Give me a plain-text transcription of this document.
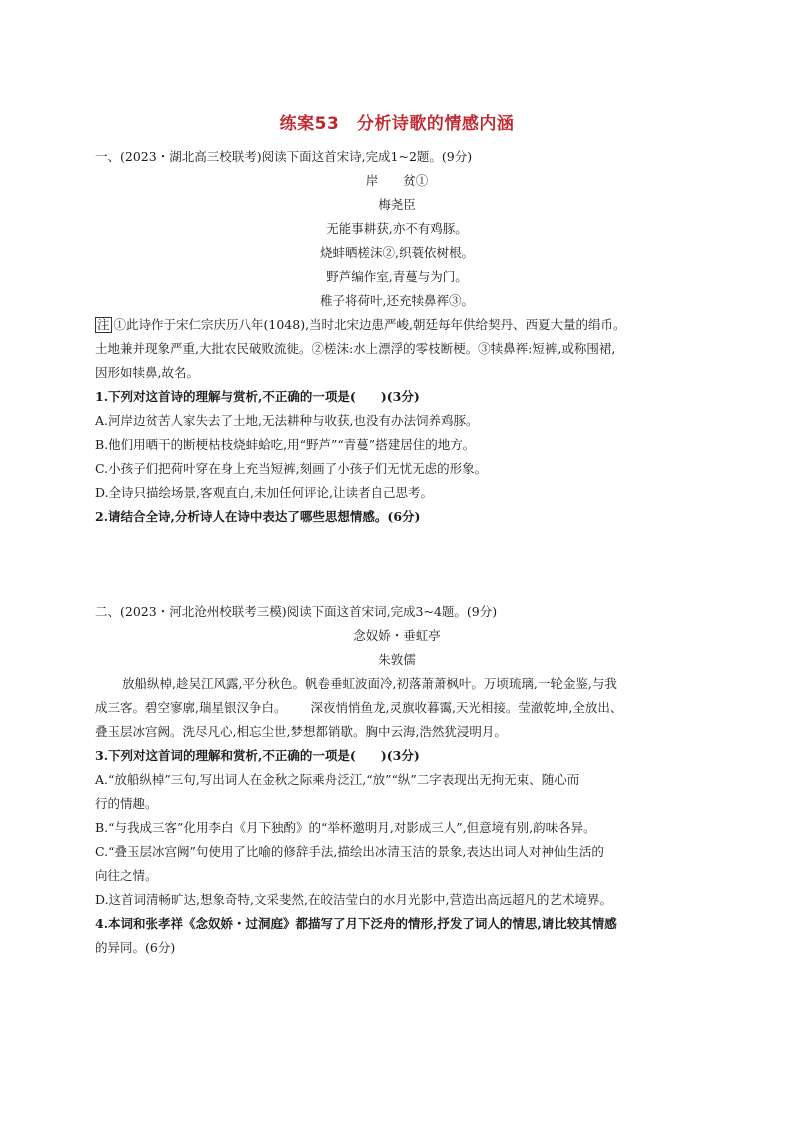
练案53　分析诗歌的情感内涵
一、(2023・湖北高三校联考)阅读下面这首宋诗,完成1~2题。(9分)
岸　　贫①
梅尧臣
无能事耕获,亦不有鸡豚。
烧蚌晒槎沫②,织蓑依树根。
野芦编作室,青蔓与为门。
稚子将荷叶,还充犊鼻裈③。
注 ①此诗作于宋仁宗庆历八年(1048),当时北宋边患严峻,朝廷每年供给契丹、西夏大量的绢币。
土地兼并现象严重,大批农民破败流徙。②槎沫:水上漂浮的零枝断梗。③犊鼻裈:短裤,或称围裙,
因形如犊鼻,故名。
1.下列对这首诗的理解与赏析,不正确的一项是(　　)(3分)
A.河岸边贫苦人家失去了土地,无法耕种与收获,也没有办法饲养鸡豚。
B.他们用晒干的断梗枯枝烧蚌蛤吃,用“野芦”“青蔓”搭建居住的地方。
C.小孩子们把荷叶穿在身上充当短裤,刻画了小孩子们无忧无虑的形象。
D.全诗只描绘场景,客观直白,未加任何评论,让读者自己思考。
2.请结合全诗,分析诗人在诗中表达了哪些思想情感。(6分)
二、(2023・河北沧州校联考三模)阅读下面这首宋词,完成3~4题。(9分)
念奴娇・垂虹亭
朱敦儒
放船纵棹,趁吴江风露,平分秋色。帆卷垂虹波面冷,初落萧萧枫叶。万顷琉璃,一轮金鉴,与我
成三客。碧空寥廓,瑞星银汉争白。 深夜悄悄鱼龙,灵旗收暮霭,天光相接。莹澈乾坤,全放出、
叠玉层冰宫阙。洗尽凡心,相忘尘世,梦想都销歇。胸中云海,浩然犹浸明月。
3.下列对这首词的理解和赏析,不正确的一项是(　　)(3分)
A.“放船纵棹”三句,写出词人在金秋之际乘舟泛江,“放”“纵”二字表现出无拘无束、随心而
行的情趣。
B.“与我成三客”化用李白《月下独酌》的“举杯邀明月,对影成三人”,但意境有别,韵味各异。
C.“叠玉层冰宫阙”句使用了比喻的修辞手法,描绘出冰清玉洁的景象,表达出词人对神仙生活的
向往之情。
D.这首词清畅旷达,想象奇特,文采斐然,在皎洁莹白的水月光影中,营造出高远超凡的艺术境界。
4.本词和张孝祥《念奴娇・过洞庭》都描写了月下泛舟的情形,抒发了词人的情思,请比较其情感
的异同。(6分)
